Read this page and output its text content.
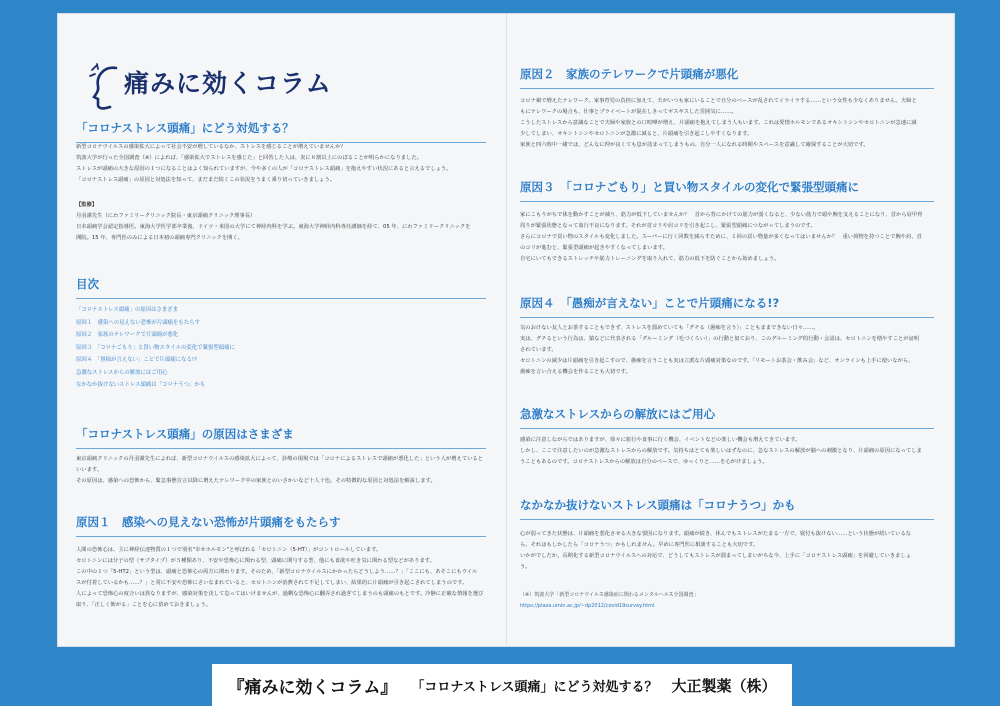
痛みに効くコラム
「コロナストレス頭痛」にどう対処する？

新型コロナウイルスの感染拡大によって社会不安が増しているなか、ストレスを感じることが増えていませんか？

筑波大学が行った全国調査（※）によれば、「感染拡大でストレスを感じた」と回答した人は、実に８割以上にのぼることが明らかになりました。

ストレスが頭痛の大きな原因の１つになることはよく知られていますが、今や多くの人が「コロナストレス頭痛」を抱えやすい状況にあると言えるでしょう。

「コロナストレス頭痛」の原因と対処法を知って、まだまだ続くこの状況をうまく乗り切っていきましょう。

【監修】

丹羽潔先生（にわファミリークリニック院長・東京頭痛クリニック理事長）

日本頭痛学会認定指導医。東海大学医学部卒業後、ドイツ・米国の大学にて神経内科を学ぶ。東海大学神経内科専任講師を経て、05 年、にわファミリークリニックを

開院。15 年、専門医のみによる日本初の頭痛専門クリニックを開く。

目次
「コロナストレス頭痛」の原因はさまざま
原因１　感染への見えない恐怖が片頭痛をもたらす
原因２　家族のテレワークで片頭痛が悪化
原因３　「コロナごもり」と買い物スタイルの変化で緊張型頭痛に
原因４　「愚痴が言えない」ことで片頭痛になる!?
急激なストレスからの解放にはご用心
なかなか抜けないストレス頭痛は「コロナうつ」かも
「コロナストレス頭痛」の原因はさまざま

東京頭痛クリニックの丹羽潔先生によれば、新型コロナウイルスの感染拡大によって、診療の現場では「コロナによるストレスで頭痛が悪化した」という人が増えていると

いいます。

その原因は、感染への恐怖から、緊急事態宣言以降に増えたテレワーク中の家族とのいさかいなど十人十色。その特徴的な原因と対処法を解説します。

原因１　感染への見えない恐怖が片頭痛をもたらす

人間の恐怖心は、主に神経伝達物質の１つで別名"幸せホルモン"と呼ばれる「セロトニン（5-HT）」がコントロールしています。

セロトニンには分子の型（サブタイプ）が５種類あり、不安や恐怖心に関わる型、頭痛に関与する型、他にも食欲や吐き気に関わる型などがあります。

この中の１つ「5-HT2」という型は、頭痛と恐怖心の両方に関わります。そのため、「新型コロナウイルスにかかったらどうしよう……？」「ここにも、あそこにもウイル

スが付着しているかも……？」と常に不安や恐怖にさいなまれていると、セロトニンが消費されて不足してしまい、結果的に片頭痛が引き起こされてしまうのです。

人によって恐怖心の度合いは異なりますが、感染対策を決して怠ってはいけませんが、過剰な恐怖心に翻弄され過ぎてしまうのも頭痛のもとです。冷静に正確な情報を選び

取り、「正しく怖がる」ことを心に留めておきましょう。

原因２　家族のテレワークで片頭痛が悪化

コロナ禍で増えたテレワーク。家事育児の負担に加えて、夫がいつも家にいることで自分のペースが乱されてイライラする……という女性も少なくありません。夫婦と

もにテレワークの場合も、仕事とプライベートが混在しきってギスギスした雰囲気に……。

こうしたストレスから意識なことで夫婦や家族との口喧嘩が増え、片頭痛を抱えてしまう人もいます。これは愛情ホルモンであるオキシトシンやセロトニンが急速に減

少してしまい、オキシトシンやセロトニンが急激に減ると、片頭痛を引き起こしやすくなります。

家族と四六時中一緒では、どんなに仲が良くても息が詰まってしまうもの。自分一人になれる時間やスペースを意識して確保することが大切です。

原因３　「コロナごもり」と買い物スタイルの変化で緊張型頭痛に

家にこもりがちで体を動かすことが減り、筋力が低下していませんか？　首から背にかけての筋力が弱くなると、少ない筋力で頭や腕を支えることになり、首から肩甲骨

周りが緊張状態となって血行不良になります。それが首コリや肩コリを引き起こし、緊張型頭痛につながってしまうのです。

さらにコロナで買い物のスタイルも変化しました。スーパーに行く回数を減らすために、１回の買い物量が多くなってはいませんか？　重い荷物を持つことで腕や肩、首

のコリが進むと、緊張型頭痛が起きやすくなってしまいます。

自宅にいてもできるストレッチや筋力トレーニングを取り入れて、筋力の低下を防ぐことから始めましょう。

原因４　「愚痴が言えない」ことで片頭痛になる!?

気のおけない友人とお茶することもできず、ストレスを溜めていても「グチる（愚痴を言う）」こともままできない日々……。

実は、グチるという行為は、猿などに代表される「グルーミング（毛づくろい）」の行動と似ており、このグルーミング的行動・会話は、セロトニンを増やすことが証明

されています。

セロトニンの減少は片頭痛を引き起こすので、愚痴を言うことも実は立派な片頭痛対策なのです。「リモートお茶会・飲み会」など、オンラインも上手に使いながら、

愚痴を言い合える機会を作ることも大切です。

急激なストレスからの解放にはご用心

感染に注意しながらではありますが、徐々に旅行や食事に行く機会、イベントなどの楽しい機会も増えてきています。

しかし、ここで注意したいのが急激なストレスからの解放です。気持ちはとても楽しいはずなのに、急なストレスの解放が脳への刺激となり、片頭痛の原因になってしま

うこともあるのです。コロナストレスからの解放は自分のペースで、ゆっくりと……を心がけましょう。

なかなか抜けないストレス頭痛は「コロナうつ」かも

心が弱ってきた状態は、片頭痛を悪化させる大きな要因になります。頭痛が続き、休んでもストレスがたまる一方で、寝付も抜けない……という状態が続いているな

ら、それはもしかしたら「コロナうつ」かもしれません。早めに専門医に相談することも大切です。

いかがでしたか。長期化する新型コロナウイルスへの対応で、どうしてもストレスが溜まってしまいがちな今、上手に「コロナストレス頭痛」を回避していきましょ

う。

（※）筑波大学「新型コロナウイルス感染症に関わるメンタルヘルス全国調査」
https://plaza.umin.ac.jp/~dp2012/covid19survey.html
『痛みに効くコラム』 「コロナストレス頭痛」にどう対処する？ 大正製薬（株）
